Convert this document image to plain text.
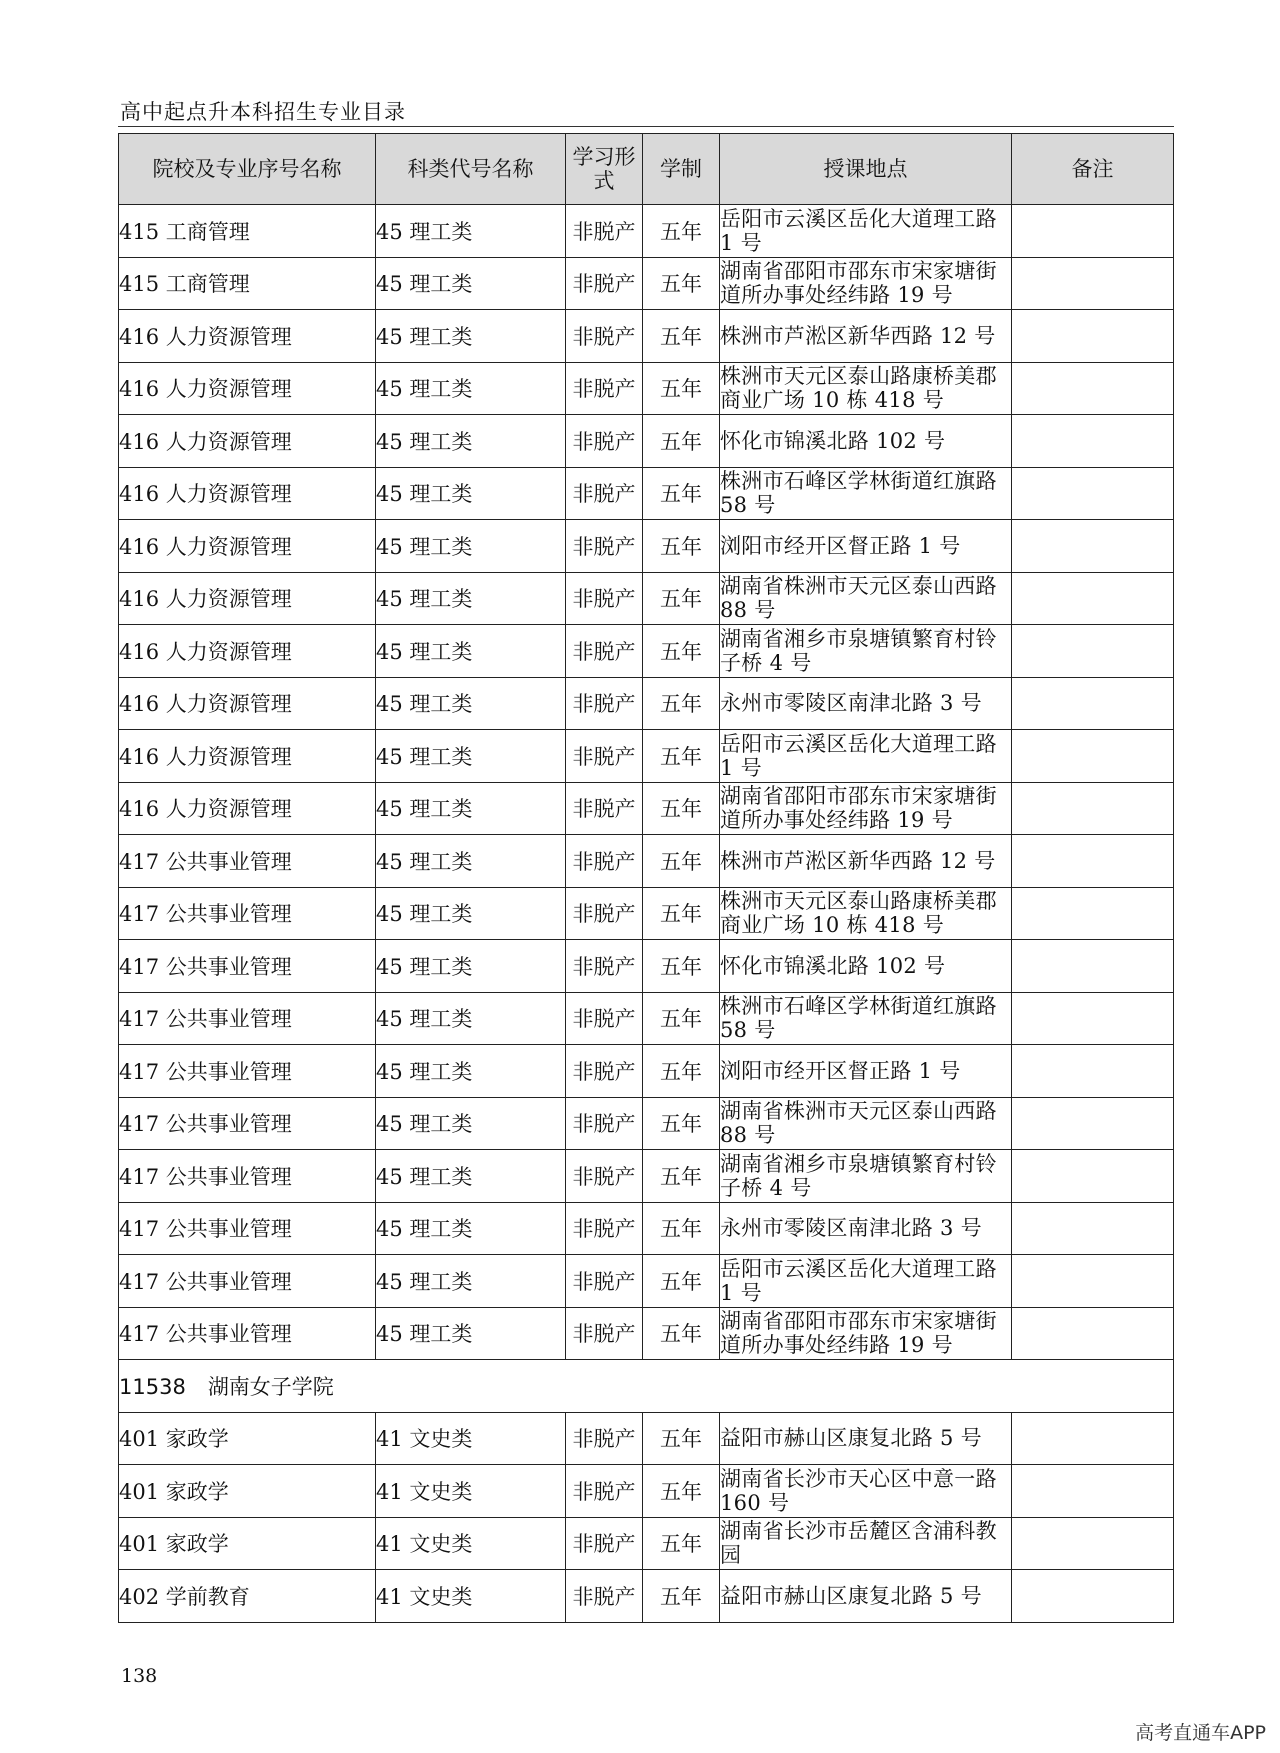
高中起点升本科招生专业目录
院校及专业序号名称	科类代号名称	学习形式	学制	授课地点	备注
415 工商管理	45 理工类	非脱产	五年	岳阳市云溪区岳化大道理工路 1 号	
415 工商管理	45 理工类	非脱产	五年	湖南省邵阳市邵东市宋家塘街道所办事处经纬路 19 号	
416 人力资源管理	45 理工类	非脱产	五年	株洲市芦淞区新华西路 12 号	
416 人力资源管理	45 理工类	非脱产	五年	株洲市天元区泰山路康桥美郡商业广场 10 栋 418 号	
416 人力资源管理	45 理工类	非脱产	五年	怀化市锦溪北路 102 号	
416 人力资源管理	45 理工类	非脱产	五年	株洲市石峰区学林街道红旗路 58 号	
416 人力资源管理	45 理工类	非脱产	五年	浏阳市经开区督正路 1 号	
416 人力资源管理	45 理工类	非脱产	五年	湖南省株洲市天元区泰山西路 88 号	
416 人力资源管理	45 理工类	非脱产	五年	湖南省湘乡市泉塘镇繁育村铃子桥 4 号	
416 人力资源管理	45 理工类	非脱产	五年	永州市零陵区南津北路 3 号	
416 人力资源管理	45 理工类	非脱产	五年	岳阳市云溪区岳化大道理工路 1 号	
416 人力资源管理	45 理工类	非脱产	五年	湖南省邵阳市邵东市宋家塘街道所办事处经纬路 19 号	
417 公共事业管理	45 理工类	非脱产	五年	株洲市芦淞区新华西路 12 号	
417 公共事业管理	45 理工类	非脱产	五年	株洲市天元区泰山路康桥美郡商业广场 10 栋 418 号	
417 公共事业管理	45 理工类	非脱产	五年	怀化市锦溪北路 102 号	
417 公共事业管理	45 理工类	非脱产	五年	株洲市石峰区学林街道红旗路 58 号	
417 公共事业管理	45 理工类	非脱产	五年	浏阳市经开区督正路 1 号	
417 公共事业管理	45 理工类	非脱产	五年	湖南省株洲市天元区泰山西路 88 号	
417 公共事业管理	45 理工类	非脱产	五年	湖南省湘乡市泉塘镇繁育村铃子桥 4 号	
417 公共事业管理	45 理工类	非脱产	五年	永州市零陵区南津北路 3 号	
417 公共事业管理	45 理工类	非脱产	五年	岳阳市云溪区岳化大道理工路 1 号	
417 公共事业管理	45 理工类	非脱产	五年	湖南省邵阳市邵东市宋家塘街道所办事处经纬路 19 号	
11538 湖南女子学院					
401 家政学	41 文史类	非脱产	五年	益阳市赫山区康复北路 5 号	
401 家政学	41 文史类	非脱产	五年	湖南省长沙市天心区中意一路 160 号	
401 家政学	41 文史类	非脱产	五年	湖南省长沙市岳麓区含浦科教园	
402 学前教育	41 文史类	非脱产	五年	益阳市赫山区康复北路 5 号	
138
高考直通车APP
